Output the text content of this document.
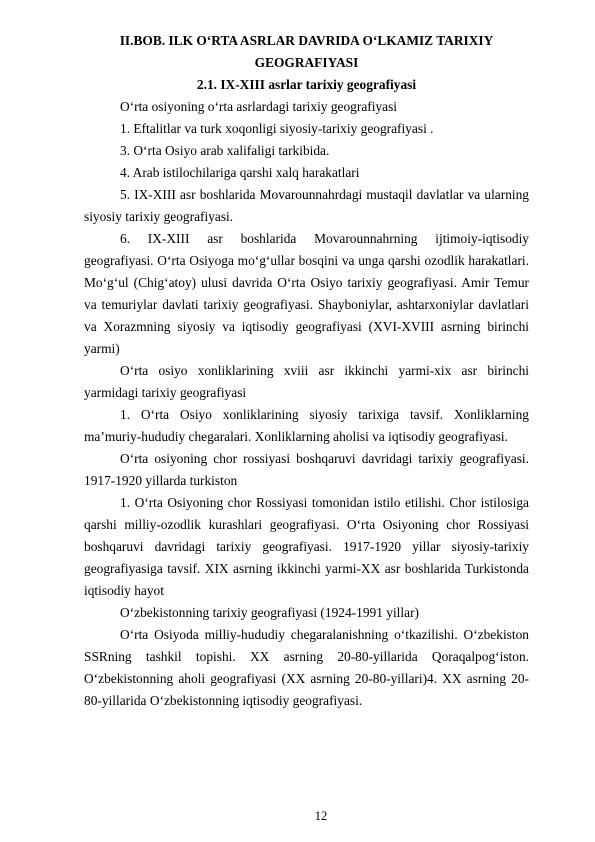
II.BOB. ILK O‘RTA ASRLAR DAVRIDA O‘LKAMIZ TARIXIY GEOGRAFIYASI

2.1. IX-XIII asrlar tarixiy geografiyasi

O‘rta osiyoning o‘rta asrlardagi tarixiy geografiyasi

1. Eftalitlar va turk xoqonligi siyosiy-tarixiy geografiyasi .

3. O‘rta Osiyo arab xalifaligi tarkibida.

4. Arab istilochilariga qarshi xalq harakatlari

5. IX-XIII asr boshlarida Movarounnahrdagi mustaqil davlatlar va ularning siyosiy tarixiy geografiyasi.

6. IX-XIII asr boshlarida Movarounnahrning ijtimoiy-iqtisodiy geografiyasi. O‘rta Osiyoga mo‘g‘ullar bosqini va unga qarshi ozodlik harakatlari. Mo‘g‘ul (Chig‘atoy) ulusi davrida O‘rta Osiyo tarixiy geografiyasi. Amir Temur va temuriylar davlati tarixiy geografiyasi. Shayboniylar, ashtarxoniylar davlatlari va Xorazmning siyosiy va iqtisodiy geografiyasi (XVI-XVIII asrning birinchi yarmi)

O‘rta osiyo xonliklarining xviii asr ikkinchi yarmi-xix asr birinchi yarmidagi tarixiy geografiyasi

1. O‘rta Osiyo xonliklarining siyosiy tarixiga tavsif. Xonliklarning ma’muriy-hududiy chegaralari. Xonliklarning aholisi va iqtisodiy geografiyasi.

O‘rta osiyoning chor rossiyasi boshqaruvi davridagi tarixiy geografiyasi. 1917-1920 yillarda turkiston

1. O‘rta Osiyoning chor Rossiyasi tomonidan istilo etilishi. Chor istilosiga qarshi milliy-ozodlik kurashlari geografiyasi. O‘rta Osiyoning chor Rossiyasi boshqaruvi davridagi tarixiy geografiyasi. 1917-1920 yillar siyosiy-tarixiy geografiyasiga tavsif. XIX asrning ikkinchi yarmi-XX asr boshlarida Turkistonda iqtisodiy hayot

O‘zbekistonning tarixiy geografiyasi (1924-1991 yillar)

O‘rta Osiyoda milliy-hududiy chegaralanishning o‘tkazilishi. O‘zbekiston SSRning tashkil topishi. XX asrning 20-80-yillarida Qoraqalpog‘iston. O‘zbekistonning aholi geografiyasi (XX asrning 20-80-yillari)4. XX asrning 20-80-yillarida O‘zbekistonning iqtisodiy geografiyasi.

12
